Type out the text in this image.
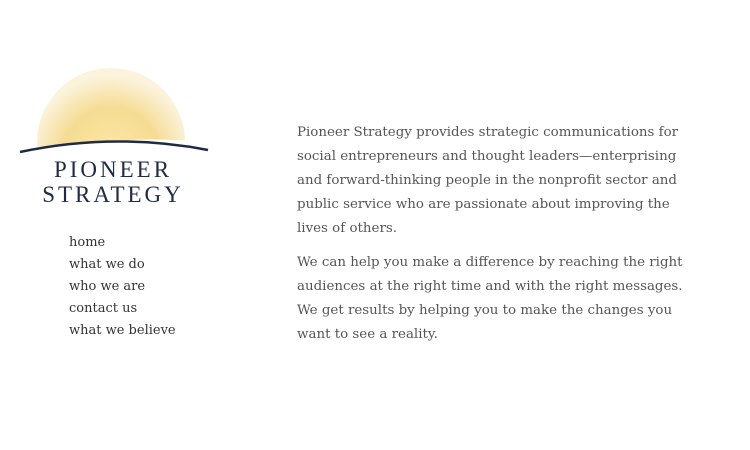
PIONEER
STRATEGY
home
what we do
who we are
contact us
what we believe

Pioneer Strategy provides strategic communications for social entrepreneurs and thought leaders—enterprising and forward-thinking people in the nonprofit sector and public service who are passionate about improving the lives of others.

We can help you make a difference by reaching the right audiences at the right time and with the right messages. We get results by helping you to make the changes you want to see a reality.
